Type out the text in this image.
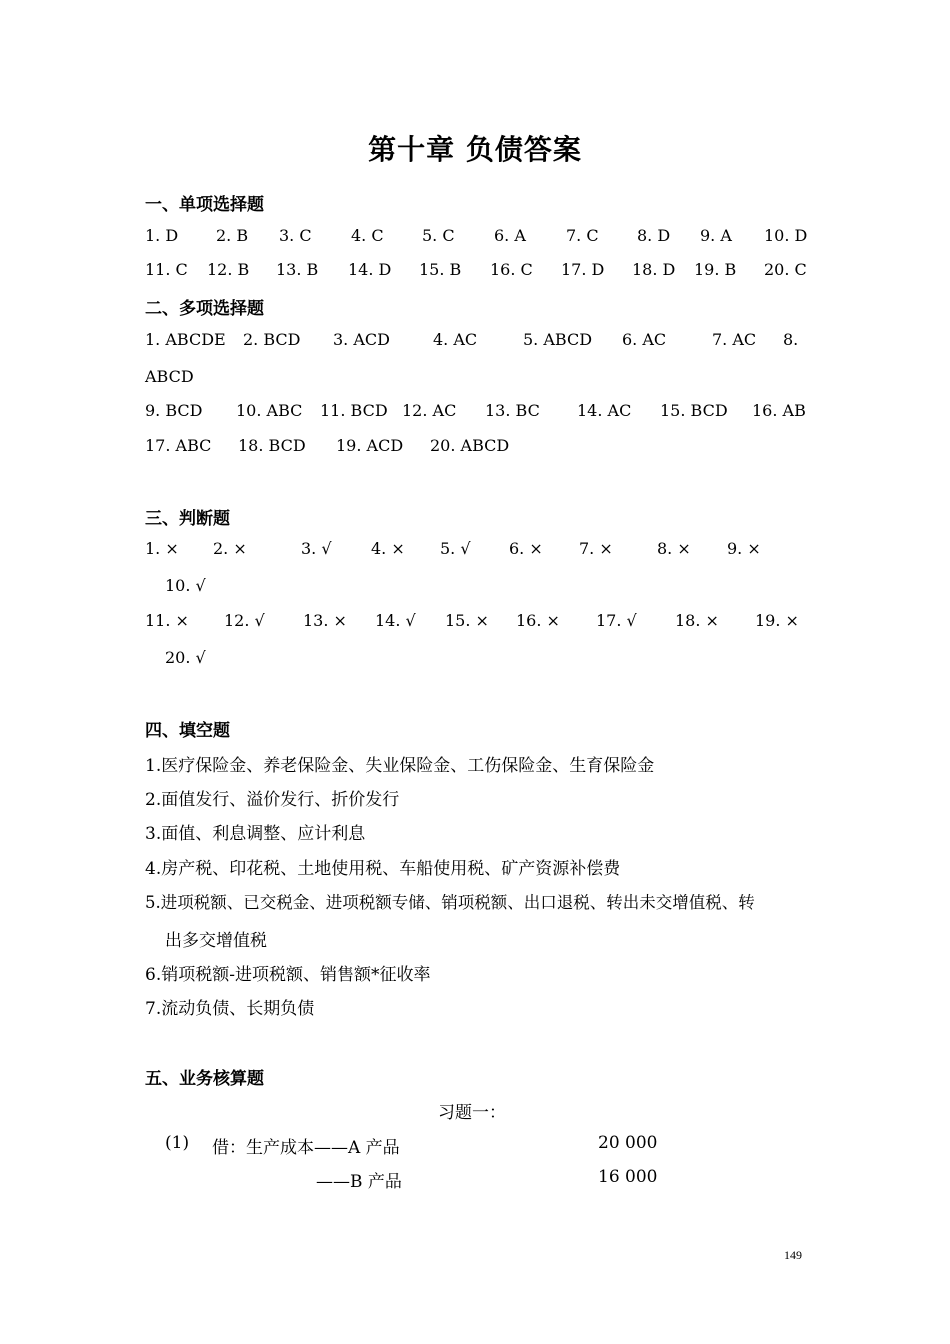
第十章 负债答案
一、单项选择题
1. D 2. B 3. C 4. C 5. C 6. A	7. C 8. D 9. A 10. D
11. C 12. B 13. B 14. D 15. B 16. C 17. D 18. D 19. B 20. C
二、多项选择题
1. ABCDE 2. BCD 3. ACD	4. AC	5. ABCD 6. AC	7. AC 8.
ABCD
9. BCD 10. ABC 11. BCD 12. AC 13. BC 14. AC 15. BCD 16. AB
17. ABC 18. BCD 19. ACD 20. ABCD
三、判断题
1. × 2. ×	3. √ 4. × 5. √ 6. × 7. ×	8. × 9. ×
10. √
11. × 12. √ 13. × 14. √ 15. × 16. × 17. √ 18. × 19. ×
20. √
四、填空题
1.医疗保险金、养老保险金、失业保险金、工伤保险金、生育保险金
2.面值发行、溢价发行、折价发行
3.面值、利息调整、应计利息
4.房产税、印花税、土地使用税、车船使用税、矿产资源补偿费
5.进项税额、已交税金、进项税额专储、销项税额、出口退税、转出未交增值税、转
出多交增值税
6.销项税额-进项税额、销售额*征收率
7.流动负债、长期负债
五、业务核算题
习题一：
(1) 借：生产成本——A 产品	20 000
——B 产品	16 000
149
